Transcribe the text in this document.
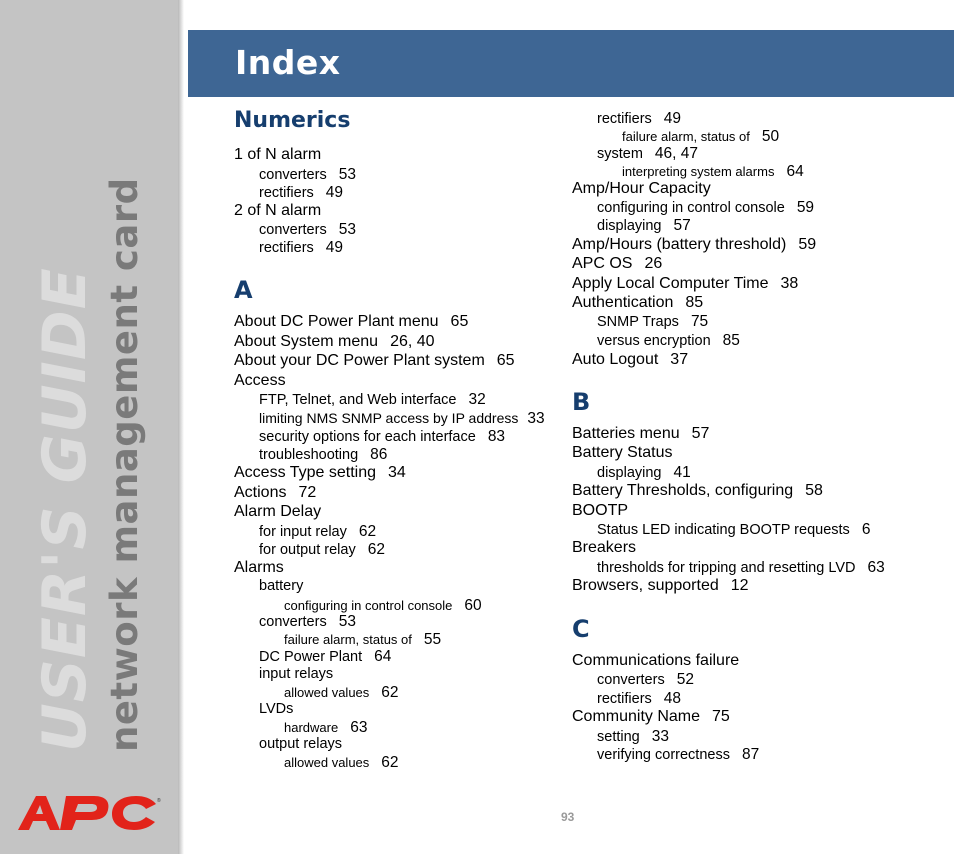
USER'S GUIDE network management card
®
Index
Numerics
1 of N alarm
converters 53
rectifiers 49
2 of N alarm
converters 53
rectifiers 49
A
About DC Power Plant menu 65
About System menu 26, 40
About your DC Power Plant system 65
Access
FTP, Telnet, and Web interface 32
limiting NMS SNMP access by IP address 33
security options for each interface 83
troubleshooting 86
Access Type setting 34
Actions 72
Alarm Delay
for input relay 62
for output relay 62
Alarms
battery
configuring in control console 60
converters 53
failure alarm, status of 55
DC Power Plant 64
input relays
allowed values 62
LVDs
hardware 63
output relays
allowed values 62
rectifiers 49
failure alarm, status of 50
system 46, 47
interpreting system alarms 64
Amp/Hour Capacity
configuring in control console 59
displaying 57
Amp/Hours (battery threshold) 59
APC OS 26
Apply Local Computer Time 38
Authentication 85
SNMP Traps 75
versus encryption 85
Auto Logout 37
B
Batteries menu 57
Battery Status
displaying 41
Battery Thresholds, configuring 58
BOOTP
Status LED indicating BOOTP requests 6
Breakers
thresholds for tripping and resetting LVD 63
Browsers, supported 12
C
Communications failure
converters 52
rectifiers 48
Community Name 75
setting 33
verifying correctness 87
93
